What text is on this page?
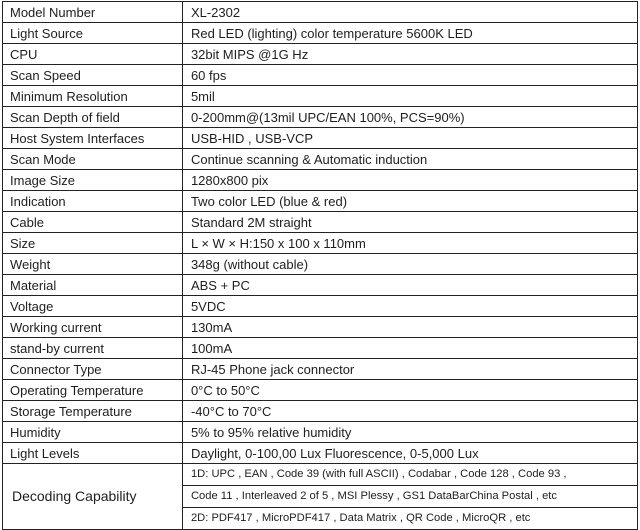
Model Number	XL-2302
Light Source	Red LED (lighting) color temperature 5600K LED
CPU	32bit MIPS @1G Hz
Scan Speed	60 fps
Minimum Resolution	5mil
Scan Depth of field	0-200mm@(13mil UPC/EAN 100%, PCS=90%)
Host System Interfaces	USB-HID , USB-VCP
Scan Mode	Continue scanning & Automatic induction
Image Size	1280x800 pix
Indication	Two color LED (blue & red)
Cable	Standard 2M straight
Size	L × W × H:150 x 100 x 110mm
Weight	348g (without cable)
Material	ABS + PC
Voltage	5VDC
Working current	130mA
stand-by current	100mA
Connector Type	RJ-45 Phone jack connector
Operating Temperature	0°C to 50°C
Storage Temperature	-40°C to 70°C
Humidity	5% to 95% relative humidity
Light Levels	Daylight, 0-100,00 Lux Fluorescence, 0-5,000 Lux
Decoding Capability	1D: UPC , EAN , Code 39 (with full ASCII) , Codabar , Code 128 , Code 93 ,
	Code 11 , Interleaved 2 of 5 , MSI Plessy , GS1 DataBarChina Postal , etc
	2D: PDF417 , MicroPDF417 , Data Matrix , QR Code , MicroQR , etc
